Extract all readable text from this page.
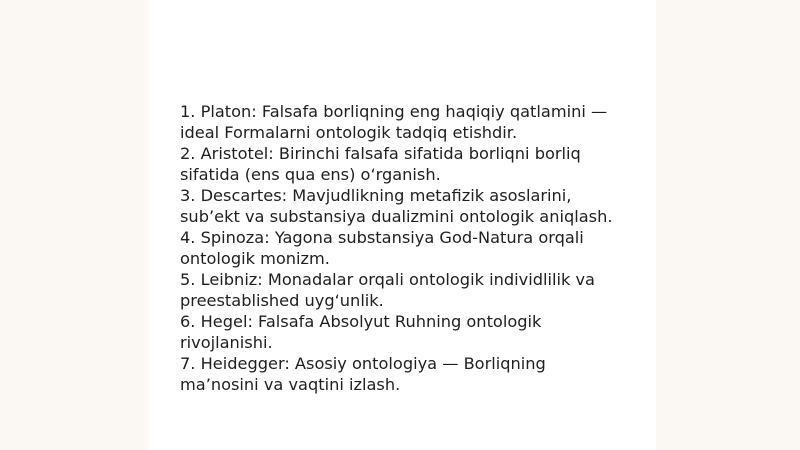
1. Platon: Falsafa borliqning eng haqiqiy qatlamini —
ideal Formalarni ontologik tadqiq etishdir.
2. Aristotel: Birinchi falsafa sifatida borliqni borliq
sifatida (ens qua ens) o‘rganish.
3. Descartes: Mavjudlikning metafizik asoslarini,
sub’ekt va substansiya dualizmini ontologik aniqlash.
4. Spinoza: Yagona substansiya God-Natura orqali
ontologik monizm.
5. Leibniz: Monadalar orqali ontologik individlilik va
preestablished uyg‘unlik.
6. Hegel: Falsafa Absolyut Ruhning ontologik
rivojlanishi.
7. Heidegger: Asosiy ontologiya — Borliqning
ma’nosini va vaqtini izlash.
